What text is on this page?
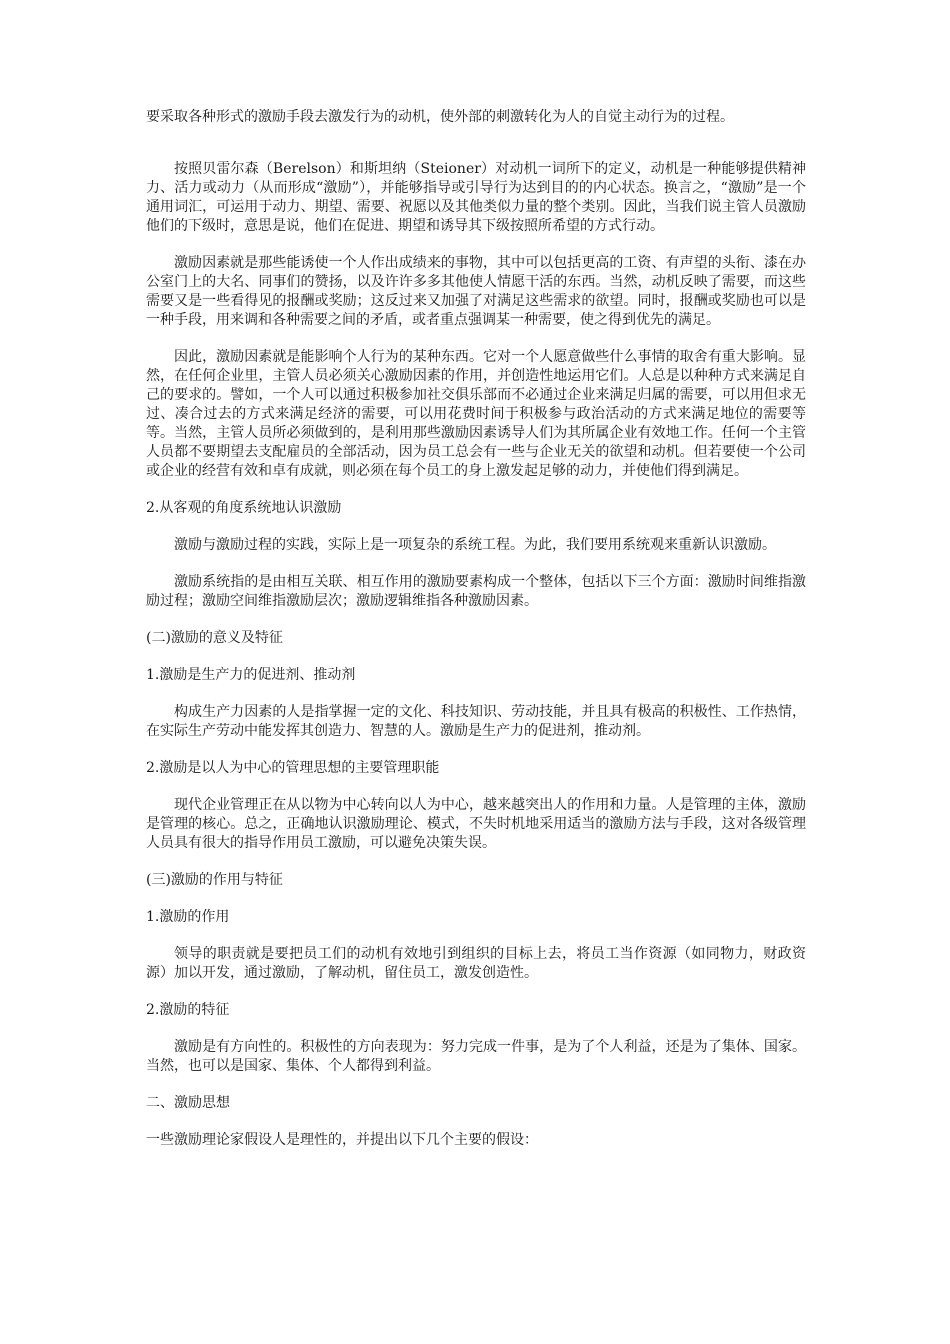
要采取各种形式的激励手段去激发行为的动机，使外部的刺激转化为人的自觉主动行为的过程。

按照贝雷尔森（Berelson）和斯坦纳（Steioner）对动机一词所下的定义，动机是一种能够提供精神力、活力或动力（从而形成“激励”），并能够指导或引导行为达到目的的内心状态。换言之，“激励”是一个通用词汇，可运用于动力、期望、需要、祝愿以及其他类似力量的整个类别。因此，当我们说主管人员激励他们的下级时，意思是说，他们在促进、期望和诱导其下级按照所希望的方式行动。

激励因素就是那些能诱使一个人作出成绩来的事物，其中可以包括更高的工资、有声望的头衔、漆在办公室门上的大名、同事们的赞扬，以及许许多多其他使人情愿干活的东西。当然，动机反映了需要，而这些需要又是一些看得见的报酬或奖励；这反过来又加强了对满足这些需求的欲望。同时，报酬或奖励也可以是一种手段，用来调和各种需要之间的矛盾，或者重点强调某一种需要，使之得到优先的满足。

因此，激励因素就是能影响个人行为的某种东西。它对一个人愿意做些什么事情的取舍有重大影响。显然，在任何企业里，主管人员必须关心激励因素的作用，并创造性地运用它们。人总是以种种方式来满足自己的要求的。譬如，一个人可以通过积极参加社交俱乐部而不必通过企业来满足归属的需要，可以用但求无过、凑合过去的方式来满足经济的需要，可以用花费时间于积极参与政治活动的方式来满足地位的需要等等。当然，主管人员所必须做到的，是利用那些激励因素诱导人们为其所属企业有效地工作。任何一个主管人员都不要期望去支配雇员的全部活动，因为员工总会有一些与企业无关的欲望和动机。但若要使一个公司或企业的经营有效和卓有成就，则必须在每个员工的身上激发起足够的动力，并使他们得到满足。

2.从客观的角度系统地认识激励

激励与激励过程的实践，实际上是一项复杂的系统工程。为此，我们要用系统观来重新认识激励。

激励系统指的是由相互关联、相互作用的激励要素构成一个整体，包括以下三个方面：激励时间维指激励过程；激励空间维指激励层次；激励逻辑维指各种激励因素。

(二)激励的意义及特征

1.激励是生产力的促进剂、推动剂

构成生产力因素的人是指掌握一定的文化、科技知识、劳动技能，并且具有极高的积极性、工作热情，在实际生产劳动中能发挥其创造力、智慧的人。激励是生产力的促进剂，推动剂。

2.激励是以人为中心的管理思想的主要管理职能

现代企业管理正在从以物为中心转向以人为中心，越来越突出人的作用和力量。人是管理的主体，激励是管理的核心。总之，正确地认识激励理论、模式，不失时机地采用适当的激励方法与手段，这对各级管理人员具有很大的指导作用员工激励，可以避免决策失误。

(三)激励的作用与特征

1.激励的作用

领导的职责就是要把员工们的动机有效地引到组织的目标上去，将员工当作资源（如同物力，财政资源）加以开发，通过激励，了解动机，留住员工，激发创造性。

2.激励的特征

激励是有方向性的。积极性的方向表现为：努力完成一件事，是为了个人利益，还是为了集体、国家。当然，也可以是国家、集体、个人都得到利益。

二、激励思想

一些激励理论家假设人是理性的，并提出以下几个主要的假设：
